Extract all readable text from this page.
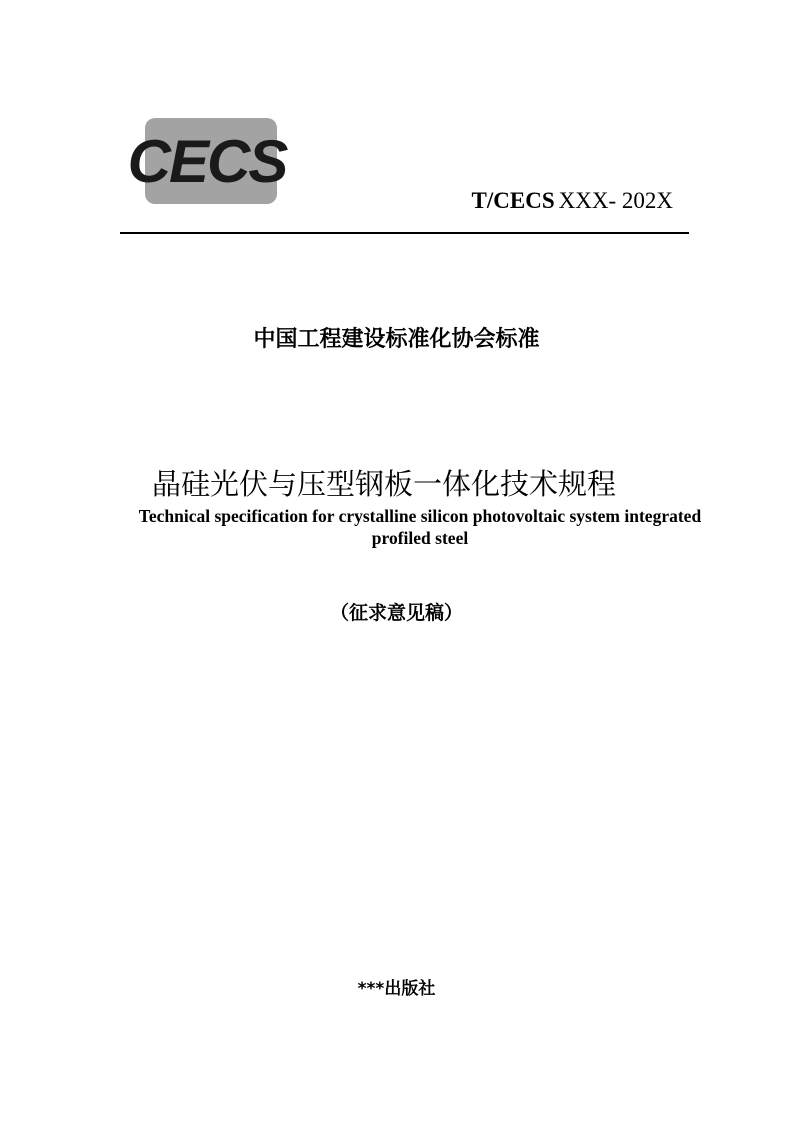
CECS
T/CECS XXX- 202X
中国工程建设标准化协会标准
晶硅光伏与压型钢板一体化技术规程
Technical specification for crystalline silicon photovoltaic system integrated
profiled steel
（征求意见稿）
***出版社
